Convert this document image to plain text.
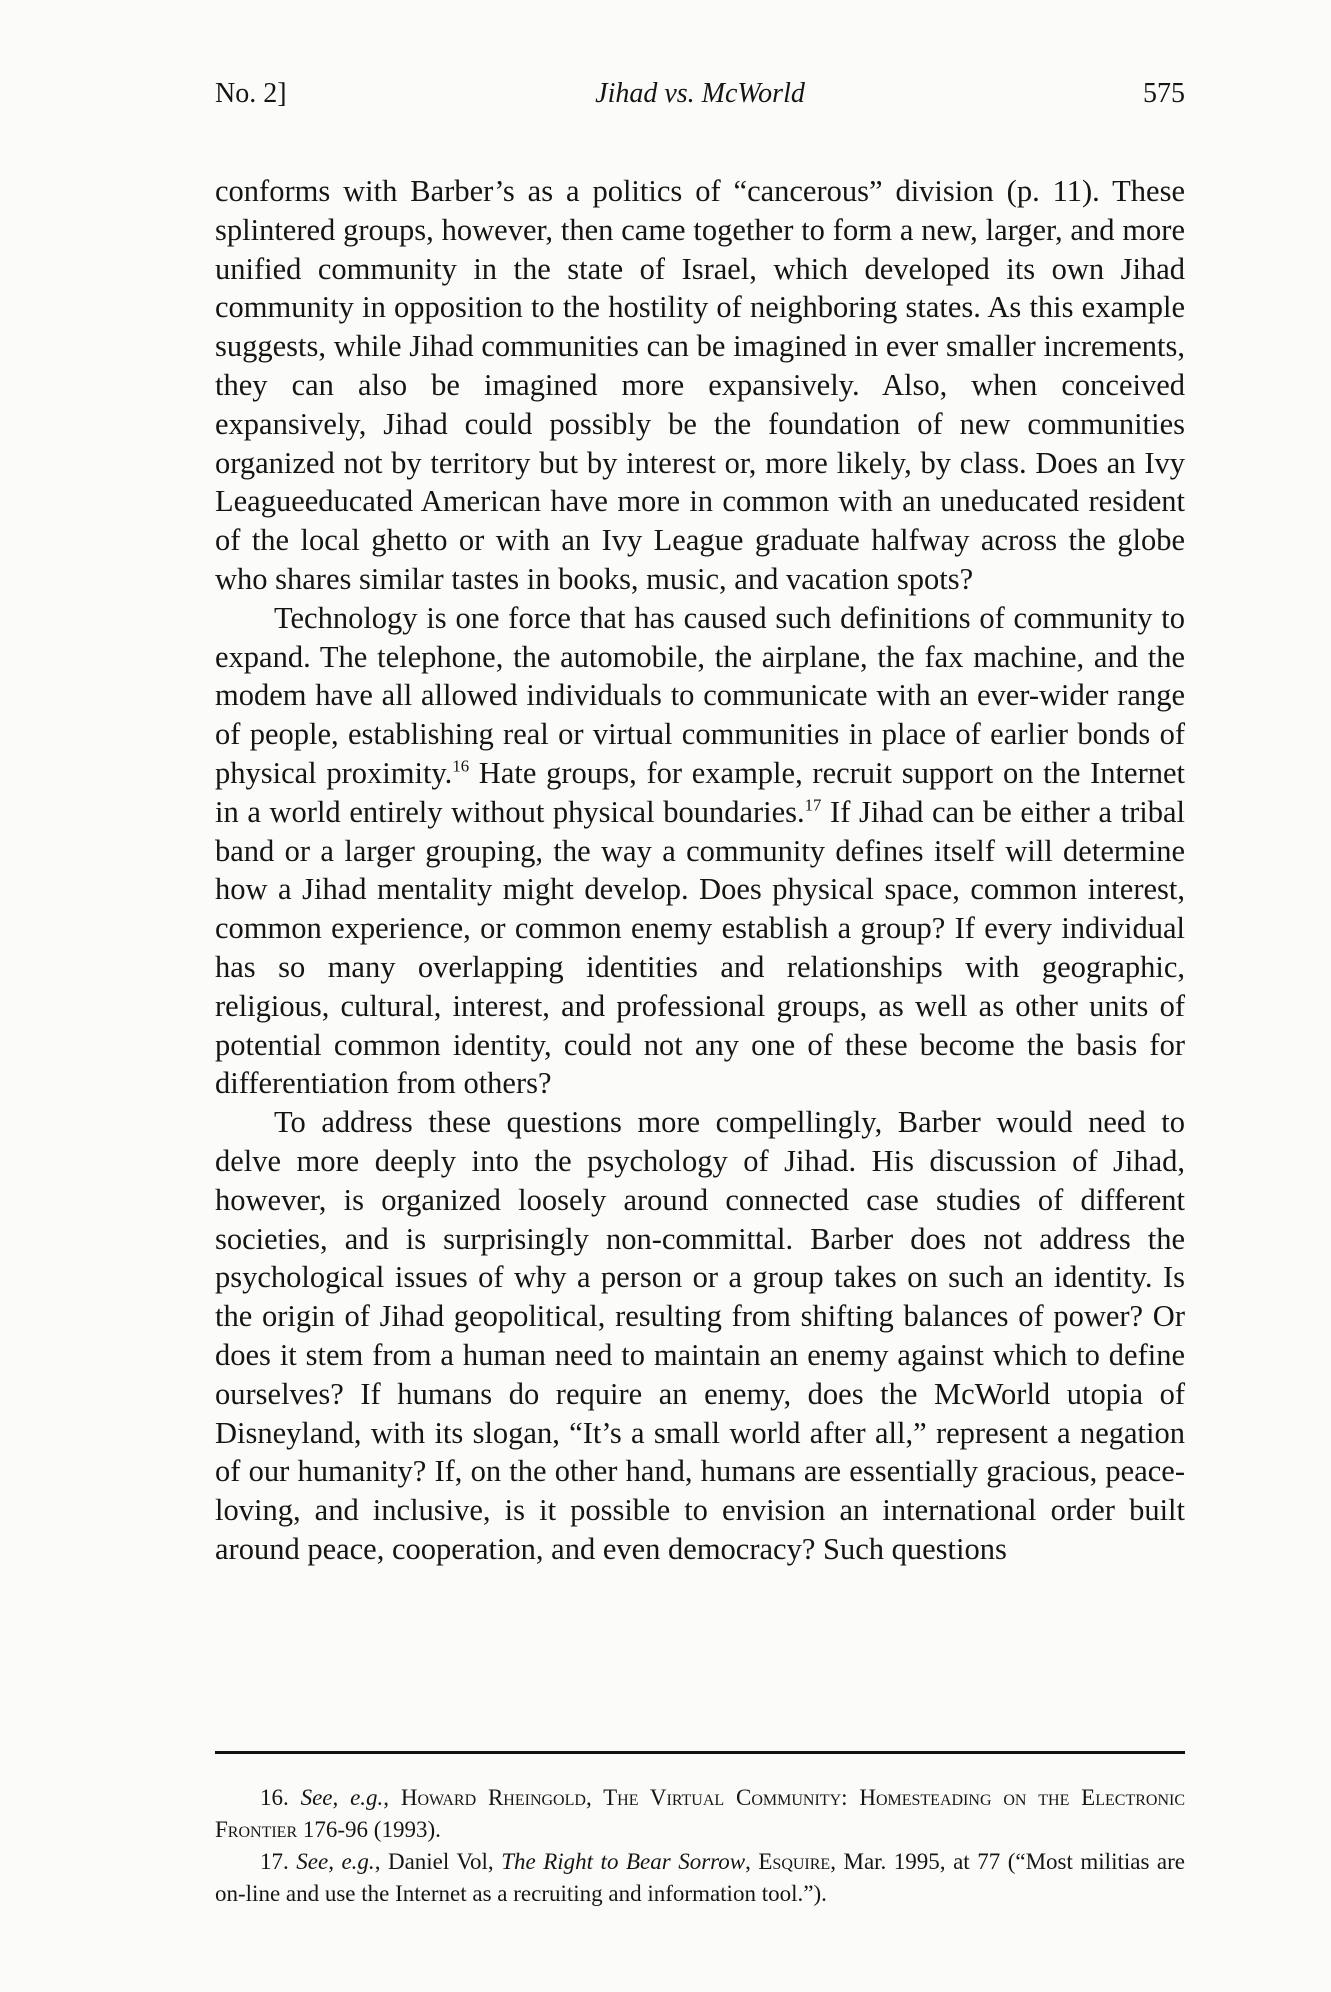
No. 2]	Jihad vs. McWorld	575

conforms with Barber’s as a politics of “cancerous” division (p. 11). These splintered groups, however, then came together to form a new, larger, and more unified community in the state of Israel, which developed its own Jihad community in opposition to the hostility of neighboring states. As this example suggests, while Jihad communities can be imagined in ever smaller increments, they can also be imagined more expansively. Also, when conceived expansively, Jihad could possibly be the foundation of new communities organized not by territory but by interest or, more likely, by class. Does an Ivy Leagueeducated American have more in common with an uneducated resident of the local ghetto or with an Ivy League graduate halfway across the globe who shares similar tastes in books, music, and vacation spots?

Technology is one force that has caused such definitions of community to expand. The telephone, the automobile, the airplane, the fax machine, and the modem have all allowed individuals to communicate with an ever-wider range of people, establishing real or virtual communities in place of earlier bonds of physical proximity.$^{16}$ Hate groups, for example, recruit support on the Internet in a world entirely without physical boundaries.$^{17}$ If Jihad can be either a tribal band or a larger grouping, the way a community defines itself will determine how a Jihad mentality might develop. Does physical space, common interest, common experience, or common enemy establish a group? If every individual has so many overlapping identities and relationships with geographic, religious, cultural, interest, and professional groups, as well as other units of potential common identity, could not any one of these become the basis for differentiation from others?

To address these questions more compellingly, Barber would need to delve more deeply into the psychology of Jihad. His discussion of Jihad, however, is organized loosely around connected case studies of different societies, and is surprisingly non-committal. Barber does not address the psychological issues of why a person or a group takes on such an identity. Is the origin of Jihad geopolitical, resulting from shifting balances of power? Or does it stem from a human need to maintain an enemy against which to define ourselves? If humans do require an enemy, does the McWorld utopia of Disneyland, with its slogan, “It’s a small world after all,” represent a negation of our humanity? If, on the other hand, humans are essentially gracious, peaceloving, and inclusive, is it possible to envision an international order built around peace, cooperation, and even democracy? Such questions

16. See, e.g., Howard Rheingold, The Virtual Community: Homesteading on the Electronic Frontier 176-96 (1993).

17. See, e.g., Daniel Vol, The Right to Bear Sorrow, Esquire, Mar. 1995, at 77 (“Most militias are on-line and use the Internet as a recruiting and information tool.”).
